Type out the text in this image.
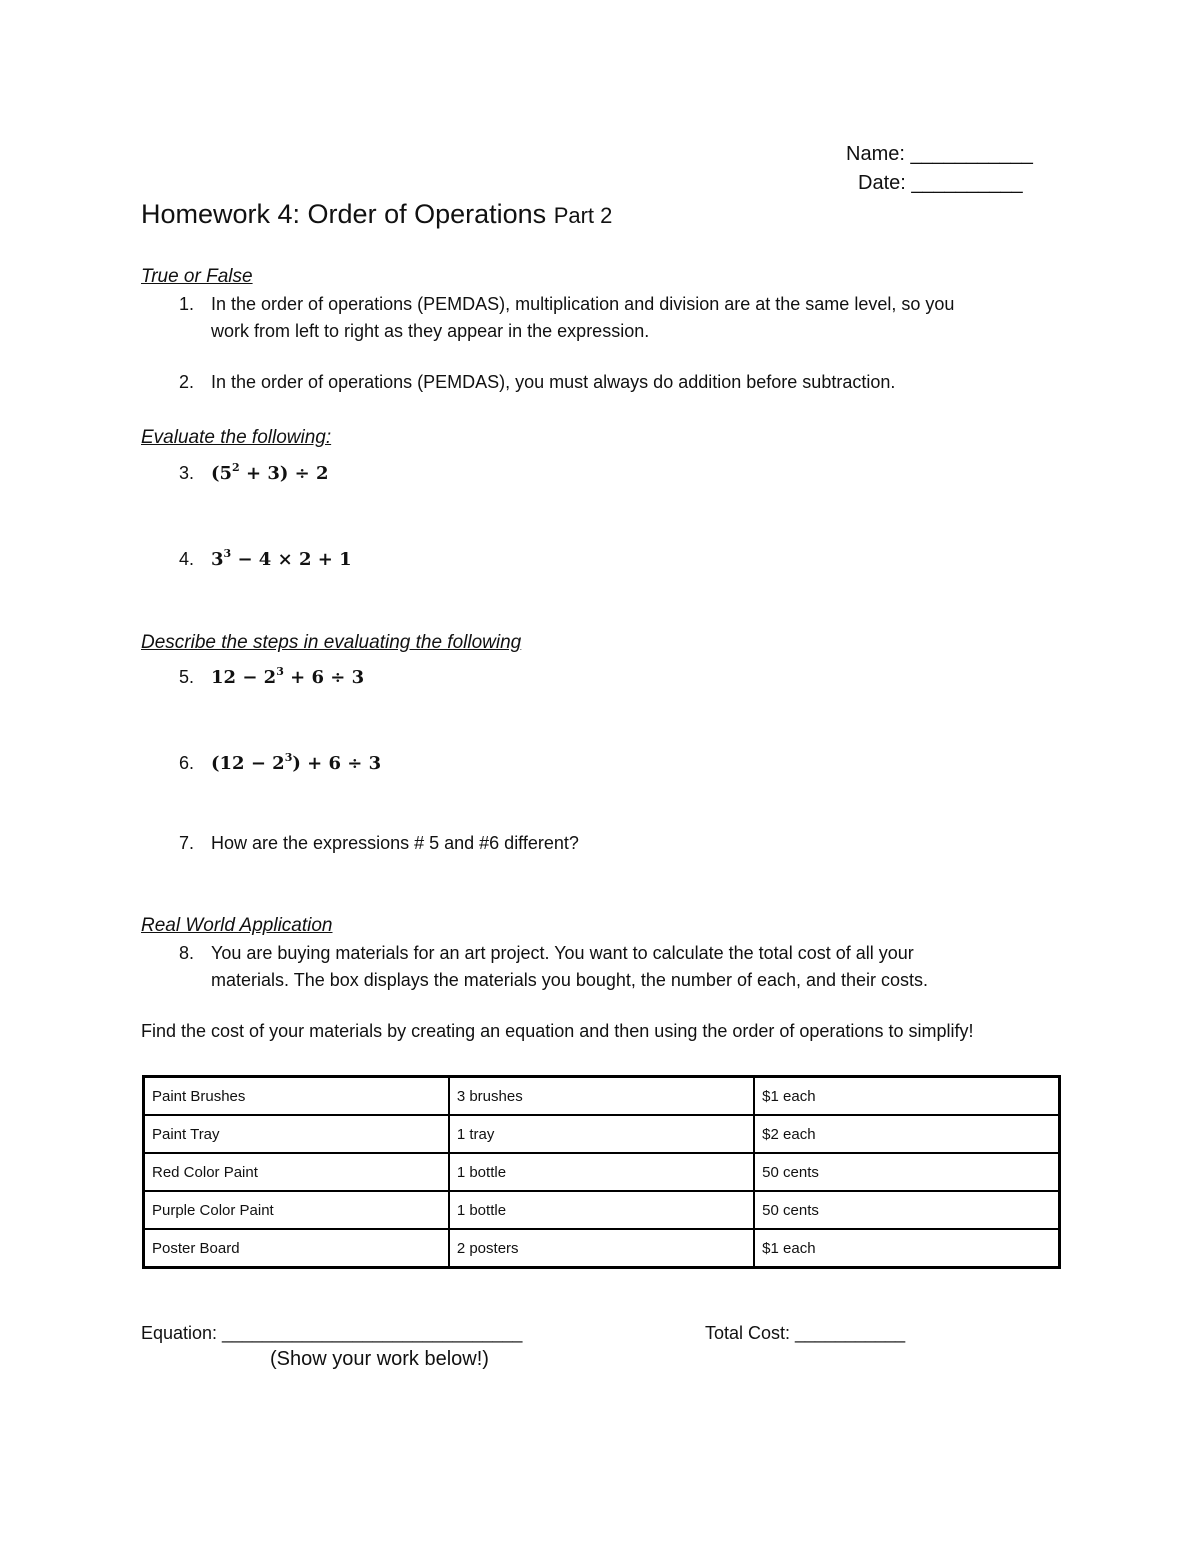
Name: ___________
Date: __________
Homework 4: Order of Operations Part 2
True or False
1. In the order of operations (PEMDAS), multiplication and division are at the same level, so you
work from left to right as they appear in the expression.
2. In the order of operations (PEMDAS), you must always do addition before subtraction.
Evaluate the following:
3. $(5^2 + 3) \div 2$
4. $3^3 - 4 \times 2 + 1$
Describe the steps in evaluating the following
5. $12 - 2^3 + 6 \div 3$
6. $(12 - 2^3) + 6 \div 3$
7. How are the expressions # 5 and #6 different?
Real World Application
8. You are buying materials for an art project. You want to calculate the total cost of all your
materials. The box displays the materials you bought, the number of each, and their costs.
Find the cost of your materials by creating an equation and then using the order of operations to simplify!
Paint Brushes	3 brushes	$1 each
Paint Tray	1 tray	$2 each
Red Color Paint	1 bottle	50 cents
Purple Color Paint	1 bottle	50 cents
Poster Board	2 posters	$1 each
Equation: ______________________________	Total Cost: ___________
(Show your work below!)
